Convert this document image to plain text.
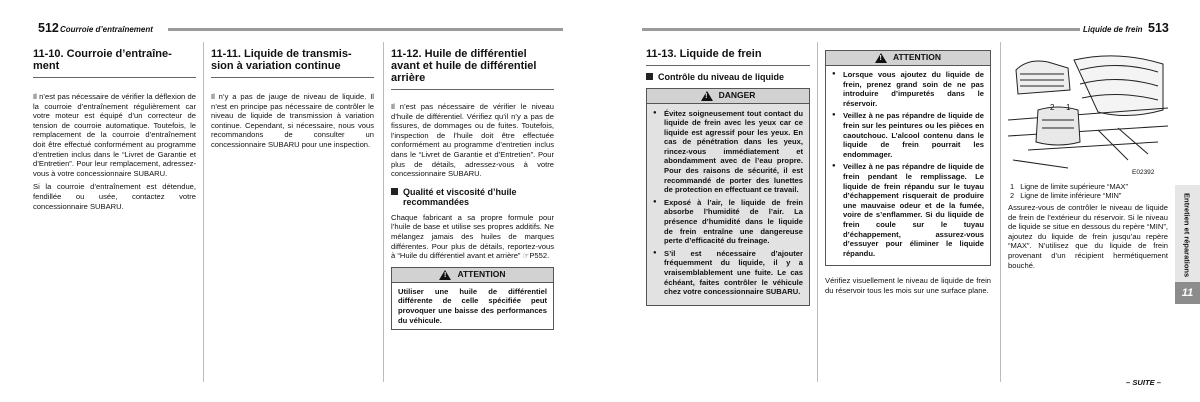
512 Courroie d’entraînement	Liquide de frein 513
11-10. Courroie d’entraîne-ment

Il n’est pas nécessaire de vérifier la déflexion de la courroie d’entraînement régulièrement car votre moteur est équipé d’un correcteur de tension de courroie automatique. Toutefois, le remplacement de la courroie d’entraînement doit être effectué conformément au programme d’entretien inclus dans le “Livret de Garantie et d’Entretien”. Pour leur remplacement, adressez-vous à votre concessionnaire SUBARU.

Si la courroie d’entraînement est détendue, fendillée ou usée, contactez votre concessionnaire SUBARU.

11-11. Liquide de transmis-sion à variation continue

Il n’y a pas de jauge de niveau de liquide. Il n’est en principe pas nécessaire de contrôler le niveau de liquide de transmission à variation continue. Cependant, si nécessaire, nous vous recommandons de consulter un concessionnaire SUBARU pour une inspection.

11-12. Huile de différentiel avant et huile de différentiel arrière

Il n’est pas nécessaire de vérifier le niveau d’huile de différentiel. Vérifiez qu’il n’y a pas de fissures, de dommages ou de fuites. Toutefois, l’inspection de l’huile doit être effectuée conformément au programme d’entretien inclus dans le “Livret de Garantie et d’Entretien”. Pour plus de détails, adressez-vous à votre concessionnaire SUBARU.

Qualité et viscosité d’huile recommandées

Chaque fabricant a sa propre formule pour l’huile de base et utilise ses propres additifs. Ne mélangez jamais des huiles de marques différentes. Pour plus de détails, reportez-vous à “Huile du différentiel avant et arrière” ☞P552.

!
ATTENTION
Utiliser une huile de différentiel différente de celle spécifiée peut provoquer une baisse des performances du véhicule.
11-13. Liquide de frein
Contrôle du niveau de liquide
!
DANGER
● Évitez soigneusement tout contact du liquide de frein avec les yeux car ce liquide est agressif pour les yeux. En cas de pénétration dans les yeux, rincez-vous immédiatement et abondamment avec de l’eau propre. Pour des raisons de sécurité, il est recommandé de porter des lunettes de protection en effectuant ce travail.
● Exposé à l’air, le liquide de frein absorbe l’humidité de l’air. La présence d’humidité dans le liquide de frein entraîne une dangereuse perte d’efficacité du freinage.
● S’il est nécessaire d’ajouter fréquemment du liquide, il y a vraisemblablement une fuite. Le cas échéant, faites contrôler le véhicule chez votre concessionnaire SUBARU.
!
ATTENTION
● Lorsque vous ajoutez du liquide de frein, prenez grand soin de ne pas introduire d’impuretés dans le réservoir.
● Veillez à ne pas répandre de liquide de frein sur les peintures ou les pièces en caoutchouc. L’alcool contenu dans le liquide de frein pourrait les endommager.
● Veillez à ne pas répandre de liquide de frein pendant le remplissage. Le liquide de frein répandu sur le tuyau d’échappement risquerait de produire une mauvaise odeur et de la fumée, voire de s’enflammer. Si du liquide de frein coule sur le tuyau d’échappement, assurez-vous d’essuyer pour éliminer le liquide répandu.

Vérifiez visuellement le niveau de liquide de frein du réservoir tous les mois sur une surface plane.

2 1
E02392
1 Ligne de limite supérieure “MAX”
2 Ligne de limite inférieure “MIN”

Assurez-vous de contrôler le niveau de liquide de frein de l’extérieur du réservoir. Si le niveau de liquide se situe en dessous du repère “MIN”, ajoutez du liquide de frein jusqu’au repère “MAX”. N’utilisez que du liquide de frein provenant d’un récipient hermétiquement bouché.	Entretien et réparations
11
– SUITE –
